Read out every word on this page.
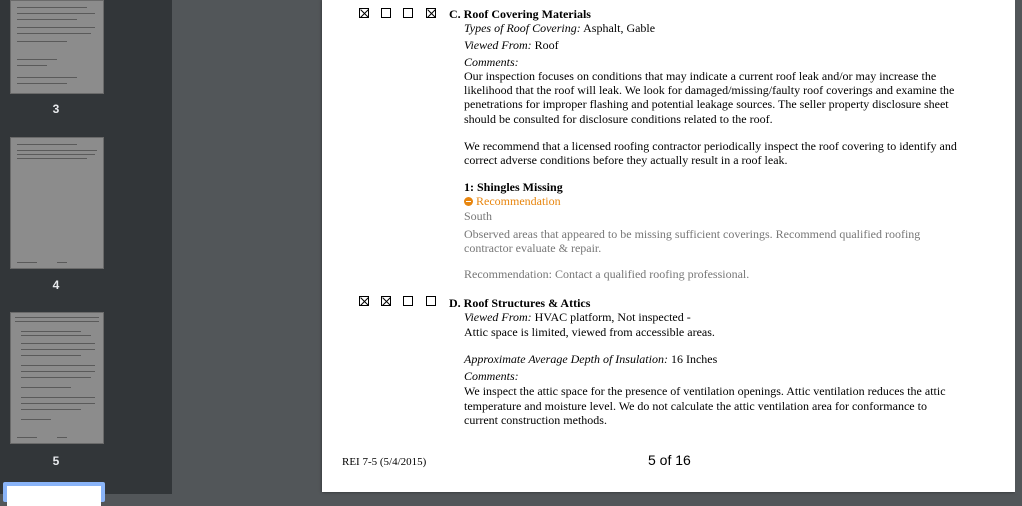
3
4
5
C. Roof Covering Materials
Types of Roof Covering: Asphalt, Gable
Viewed From: Roof
Comments:
Our inspection focuses on conditions that may indicate a current roof leak and/or may increase the
likelihood that the roof will leak. We look for damaged/missing/faulty roof coverings and examine the
penetrations for improper flashing and potential leakage sources. The seller property disclosure sheet
should be consulted for disclosure conditions related to the roof.
We recommend that a licensed roofing contractor periodically inspect the roof covering to identify and
correct adverse conditions before they actually result in a roof leak.
1: Shingles Missing
Recommendation
South
Observed areas that appeared to be missing sufficient coverings. Recommend qualified roofing
contractor evaluate & repair.
Recommendation: Contact a qualified roofing professional.
D. Roof Structures & Attics
Viewed From: HVAC platform, Not inspected -
Attic space is limited, viewed from accessible areas.
Approximate Average Depth of Insulation: 16 Inches
Comments:
We inspect the attic space for the presence of ventilation openings. Attic ventilation reduces the attic
temperature and moisture level. We do not calculate the attic ventilation area for conformance to
current construction methods.
REI 7-5 (5/4/2015)	5 of 16
